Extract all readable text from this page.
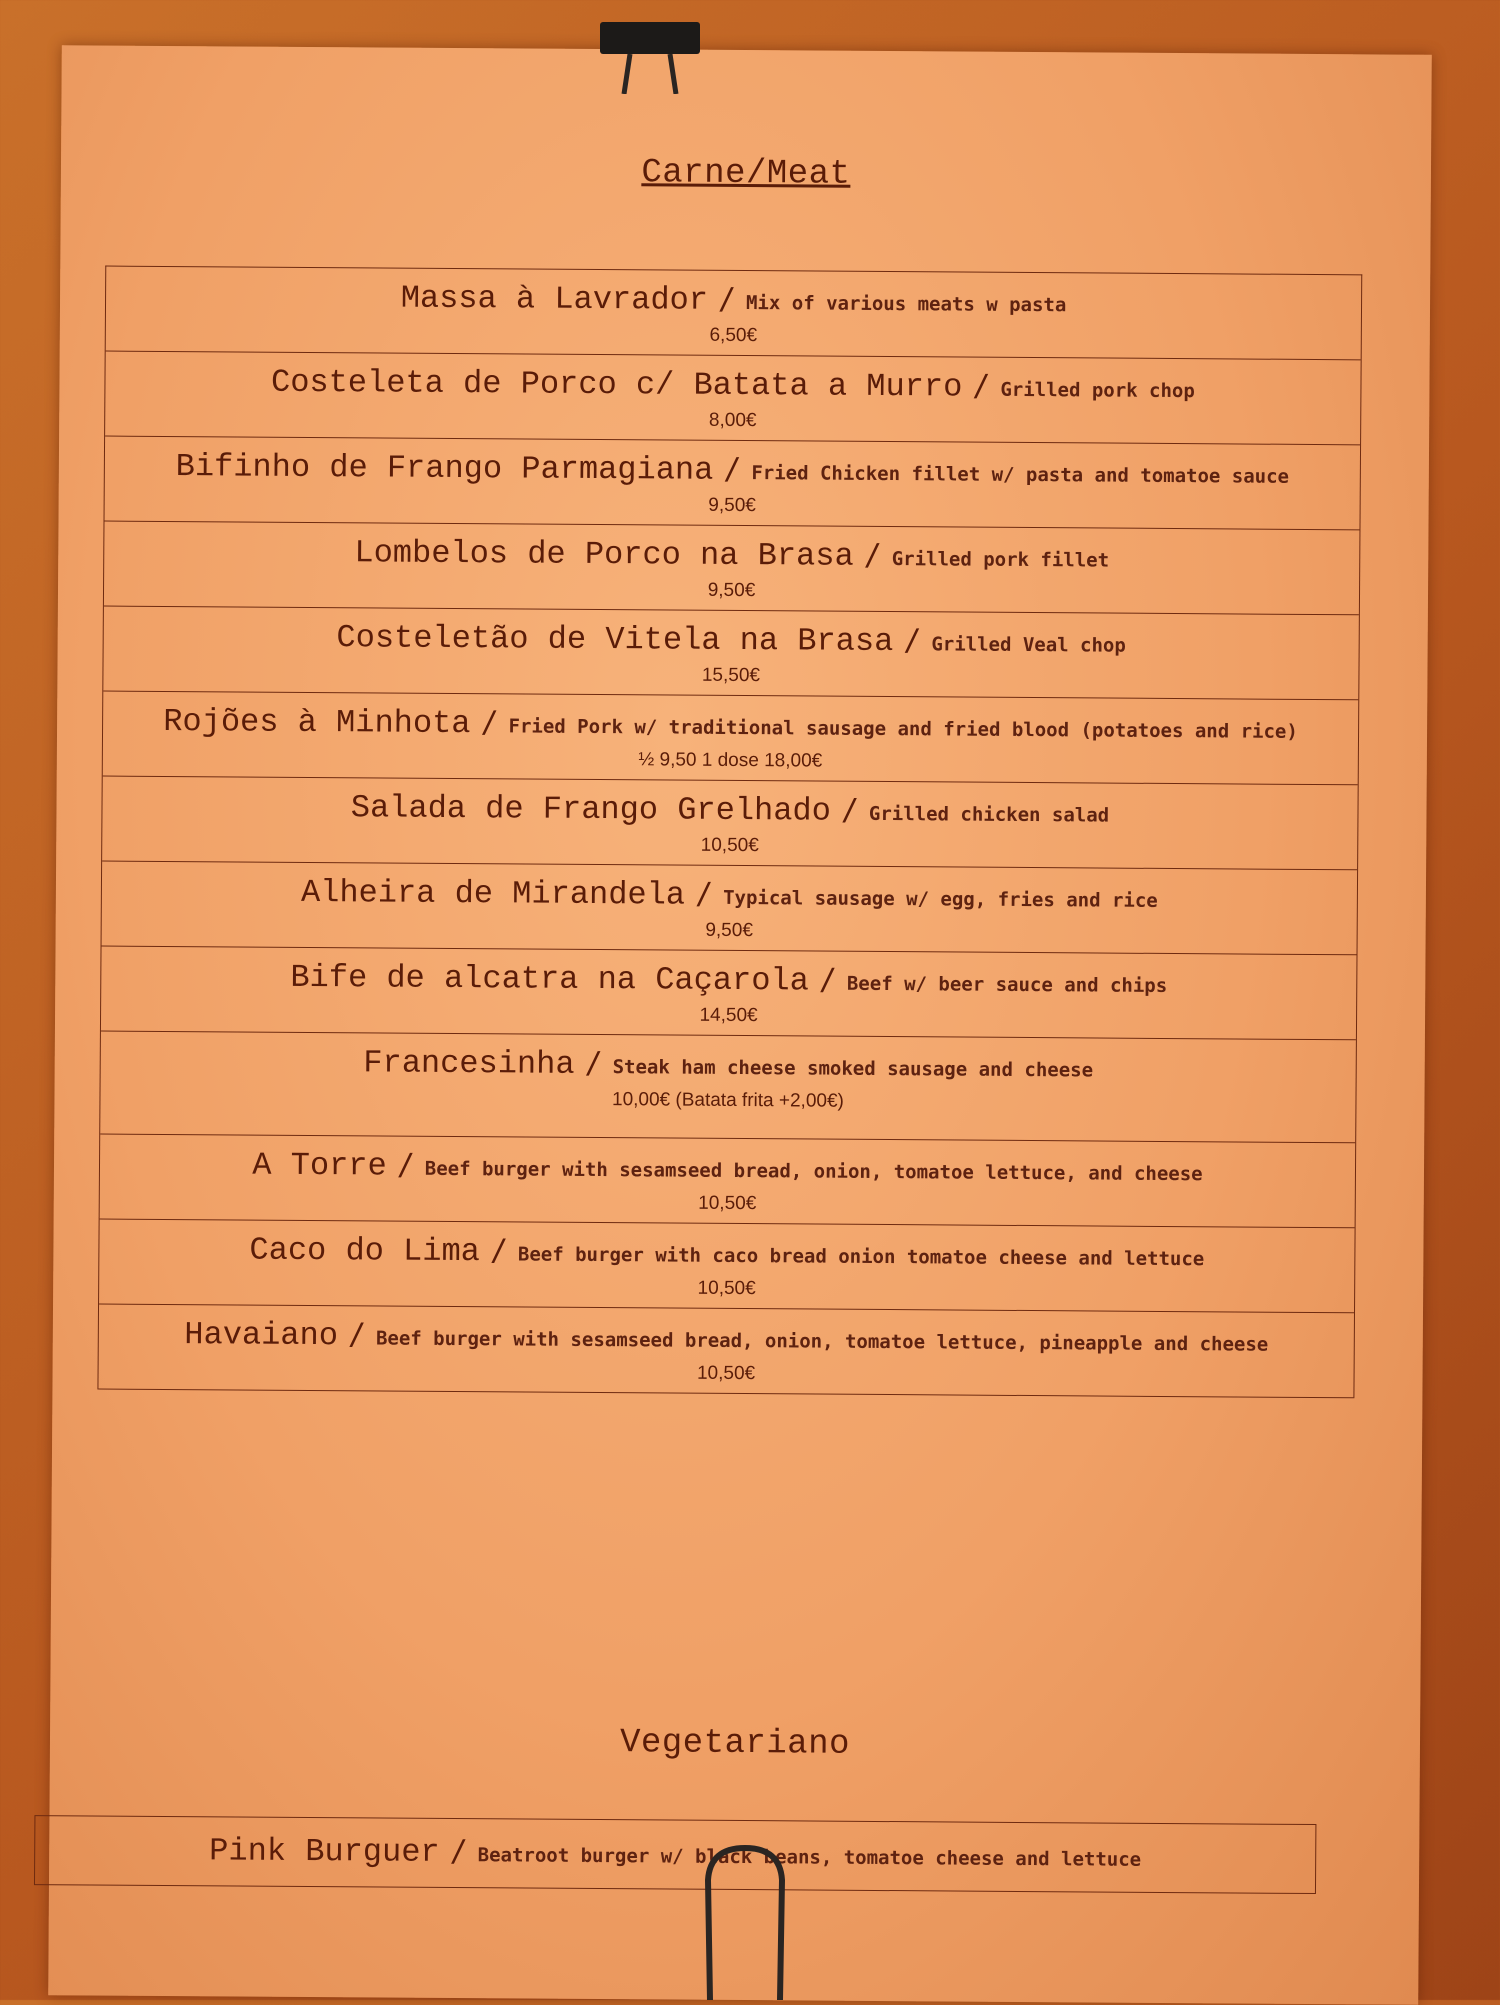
Carne/Meat
Massa à Lavrador / Mix of various meats w pasta
6,50€
Costeleta de Porco c/ Batata a Murro / Grilled pork chop
8,00€
Bifinho de Frango Parmagiana / Fried Chicken fillet w/ pasta and tomatoe sauce
9,50€
Lombelos de Porco na Brasa / Grilled pork fillet
9,50€
Costeletão de Vitela na Brasa / Grilled Veal chop
15,50€
Rojões à Minhota / Fried Pork w/ traditional sausage and fried blood (potatoes and rice)
½ 9,50 1 dose 18,00€
Salada de Frango Grelhado / Grilled chicken salad
10,50€
Alheira de Mirandela / Typical sausage w/ egg, fries and rice
9,50€
Bife de alcatra na Caçarola / Beef w/ beer sauce and chips
14,50€
Francesinha / Steak ham cheese smoked sausage and cheese
10,00€ (Batata frita +2,00€)
A Torre / Beef burger with sesamseed bread, onion, tomatoe lettuce, and cheese
10,50€
Caco do Lima / Beef burger with caco bread onion tomatoe cheese and lettuce
10,50€
Havaiano / Beef burger with sesamseed bread, onion, tomatoe lettuce, pineapple and cheese
10,50€
Vegetariano
Pink Burguer / Beatroot burger w/ black beans, tomatoe cheese and lettuce
